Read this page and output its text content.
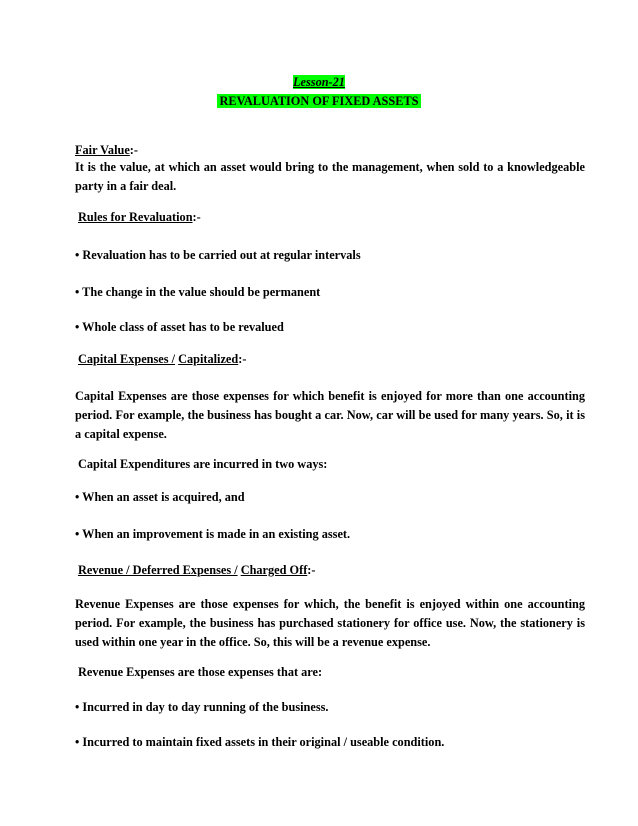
Lesson-21
REVALUATION OF FIXED ASSETS
Fair Value:-
It is the value, at which an asset would bring to the management, when sold to a knowledgeable party in a fair deal.
Rules for Revaluation:-
• Revaluation has to be carried out at regular intervals
• The change in the value should be permanent
• Whole class of asset has to be revalued
Capital Expenses / Capitalized:-
Capital Expenses are those expenses for which benefit is enjoyed for more than one accounting period. For example, the business has bought a car. Now, car will be used for many years. So, it is a capital expense.
Capital Expenditures are incurred in two ways:
• When an asset is acquired, and
• When an improvement is made in an existing asset.
Revenue / Deferred Expenses / Charged Off:-
Revenue Expenses are those expenses for which, the benefit is enjoyed within one accounting period. For example, the business has purchased stationery for office use. Now, the stationery is used within one year in the office. So, this will be a revenue expense.
Revenue Expenses are those expenses that are:
• Incurred in day to day running of the business.
• Incurred to maintain fixed assets in their original / useable condition.
